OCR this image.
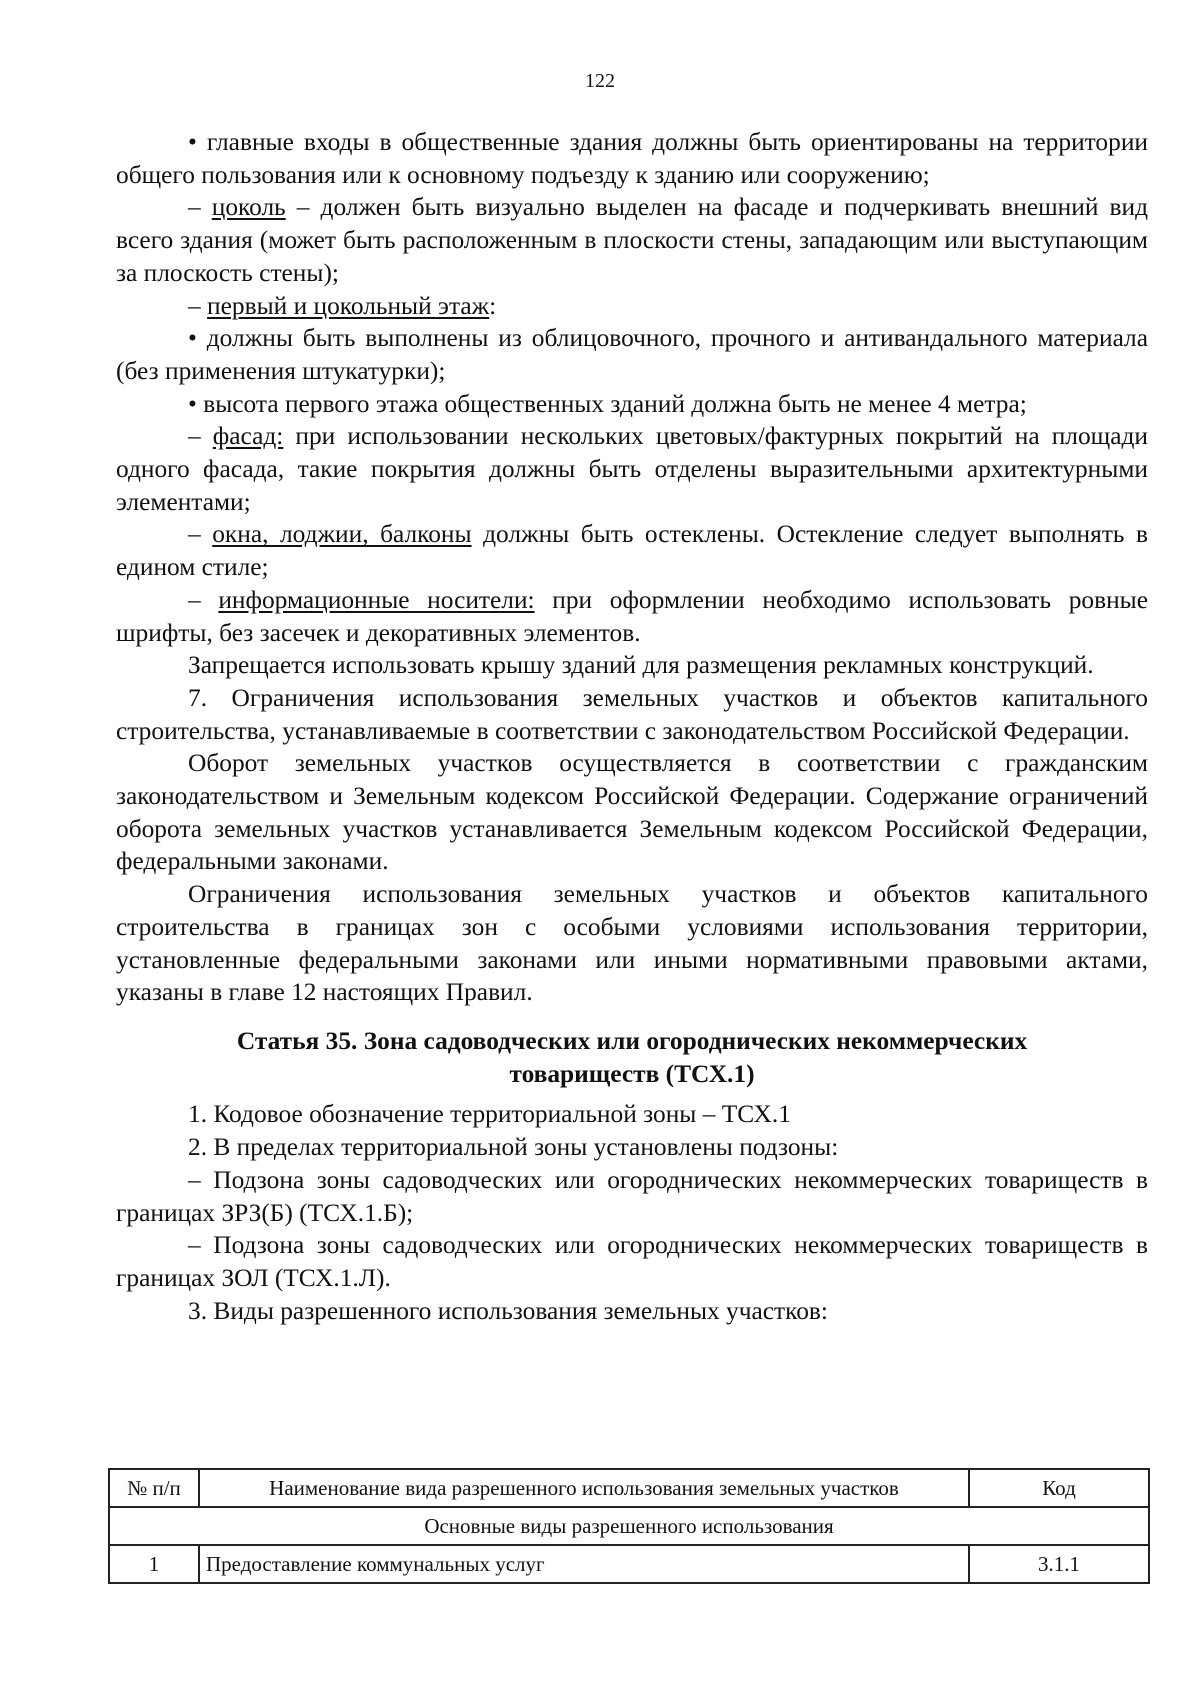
122

• главные входы в общественные здания должны быть ориентированы на территории общего пользования или к основному подъезду к зданию или сооружению;

– цоколь – должен быть визуально выделен на фасаде и подчеркивать внешний вид всего здания (может быть расположенным в плоскости стены, западающим или выступающим за плоскость стены);

– первый и цокольный этаж:

• должны быть выполнены из облицовочного, прочного и антивандального материала (без применения штукатурки);

• высота первого этажа общественных зданий должна быть не менее 4 метра;

– фасад: при использовании нескольких цветовых/фактурных покрытий на площади одного фасада, такие покрытия должны быть отделены выразительными архитектурными элементами;

– окна, лоджии, балконы должны быть остеклены. Остекление следует выполнять в едином стиле;

– информационные носители: при оформлении необходимо использовать ровные шрифты, без засечек и декоративных элементов.

Запрещается использовать крышу зданий для размещения рекламных конструкций.

7. Ограничения использования земельных участков и объектов капитального строительства, устанавливаемые в соответствии с законодательством Российской Федерации.

Оборот земельных участков осуществляется в соответствии с гражданским законодательством и Земельным кодексом Российской Федерации. Содержание ограничений оборота земельных участков устанавливается Земельным кодексом Российской Федерации, федеральными законами.

Ограничения использования земельных участков и объектов капитального строительства в границах зон с особыми условиями использования территории, установленные федеральными законами или иными нормативными правовыми актами, указаны в главе 12 настоящих Правил.

Статья 35. Зона садоводческих или огороднических некоммерческих товариществ (ТСХ.1)

1. Кодовое обозначение территориальной зоны – ТСХ.1

2. В пределах территориальной зоны установлены подзоны:

– Подзона зоны садоводческих или огороднических некоммерческих товариществ в границах ЗРЗ(Б) (ТСХ.1.Б);

– Подзона зоны садоводческих или огороднических некоммерческих товариществ в границах ЗОЛ (ТСХ.1.Л).

3. Виды разрешенного использования земельных участков:

№ п/п	Наименование вида разрешенного использования земельных участков	Код
Основные виды разрешенного использования		
1	Предоставление коммунальных услуг	3.1.1
